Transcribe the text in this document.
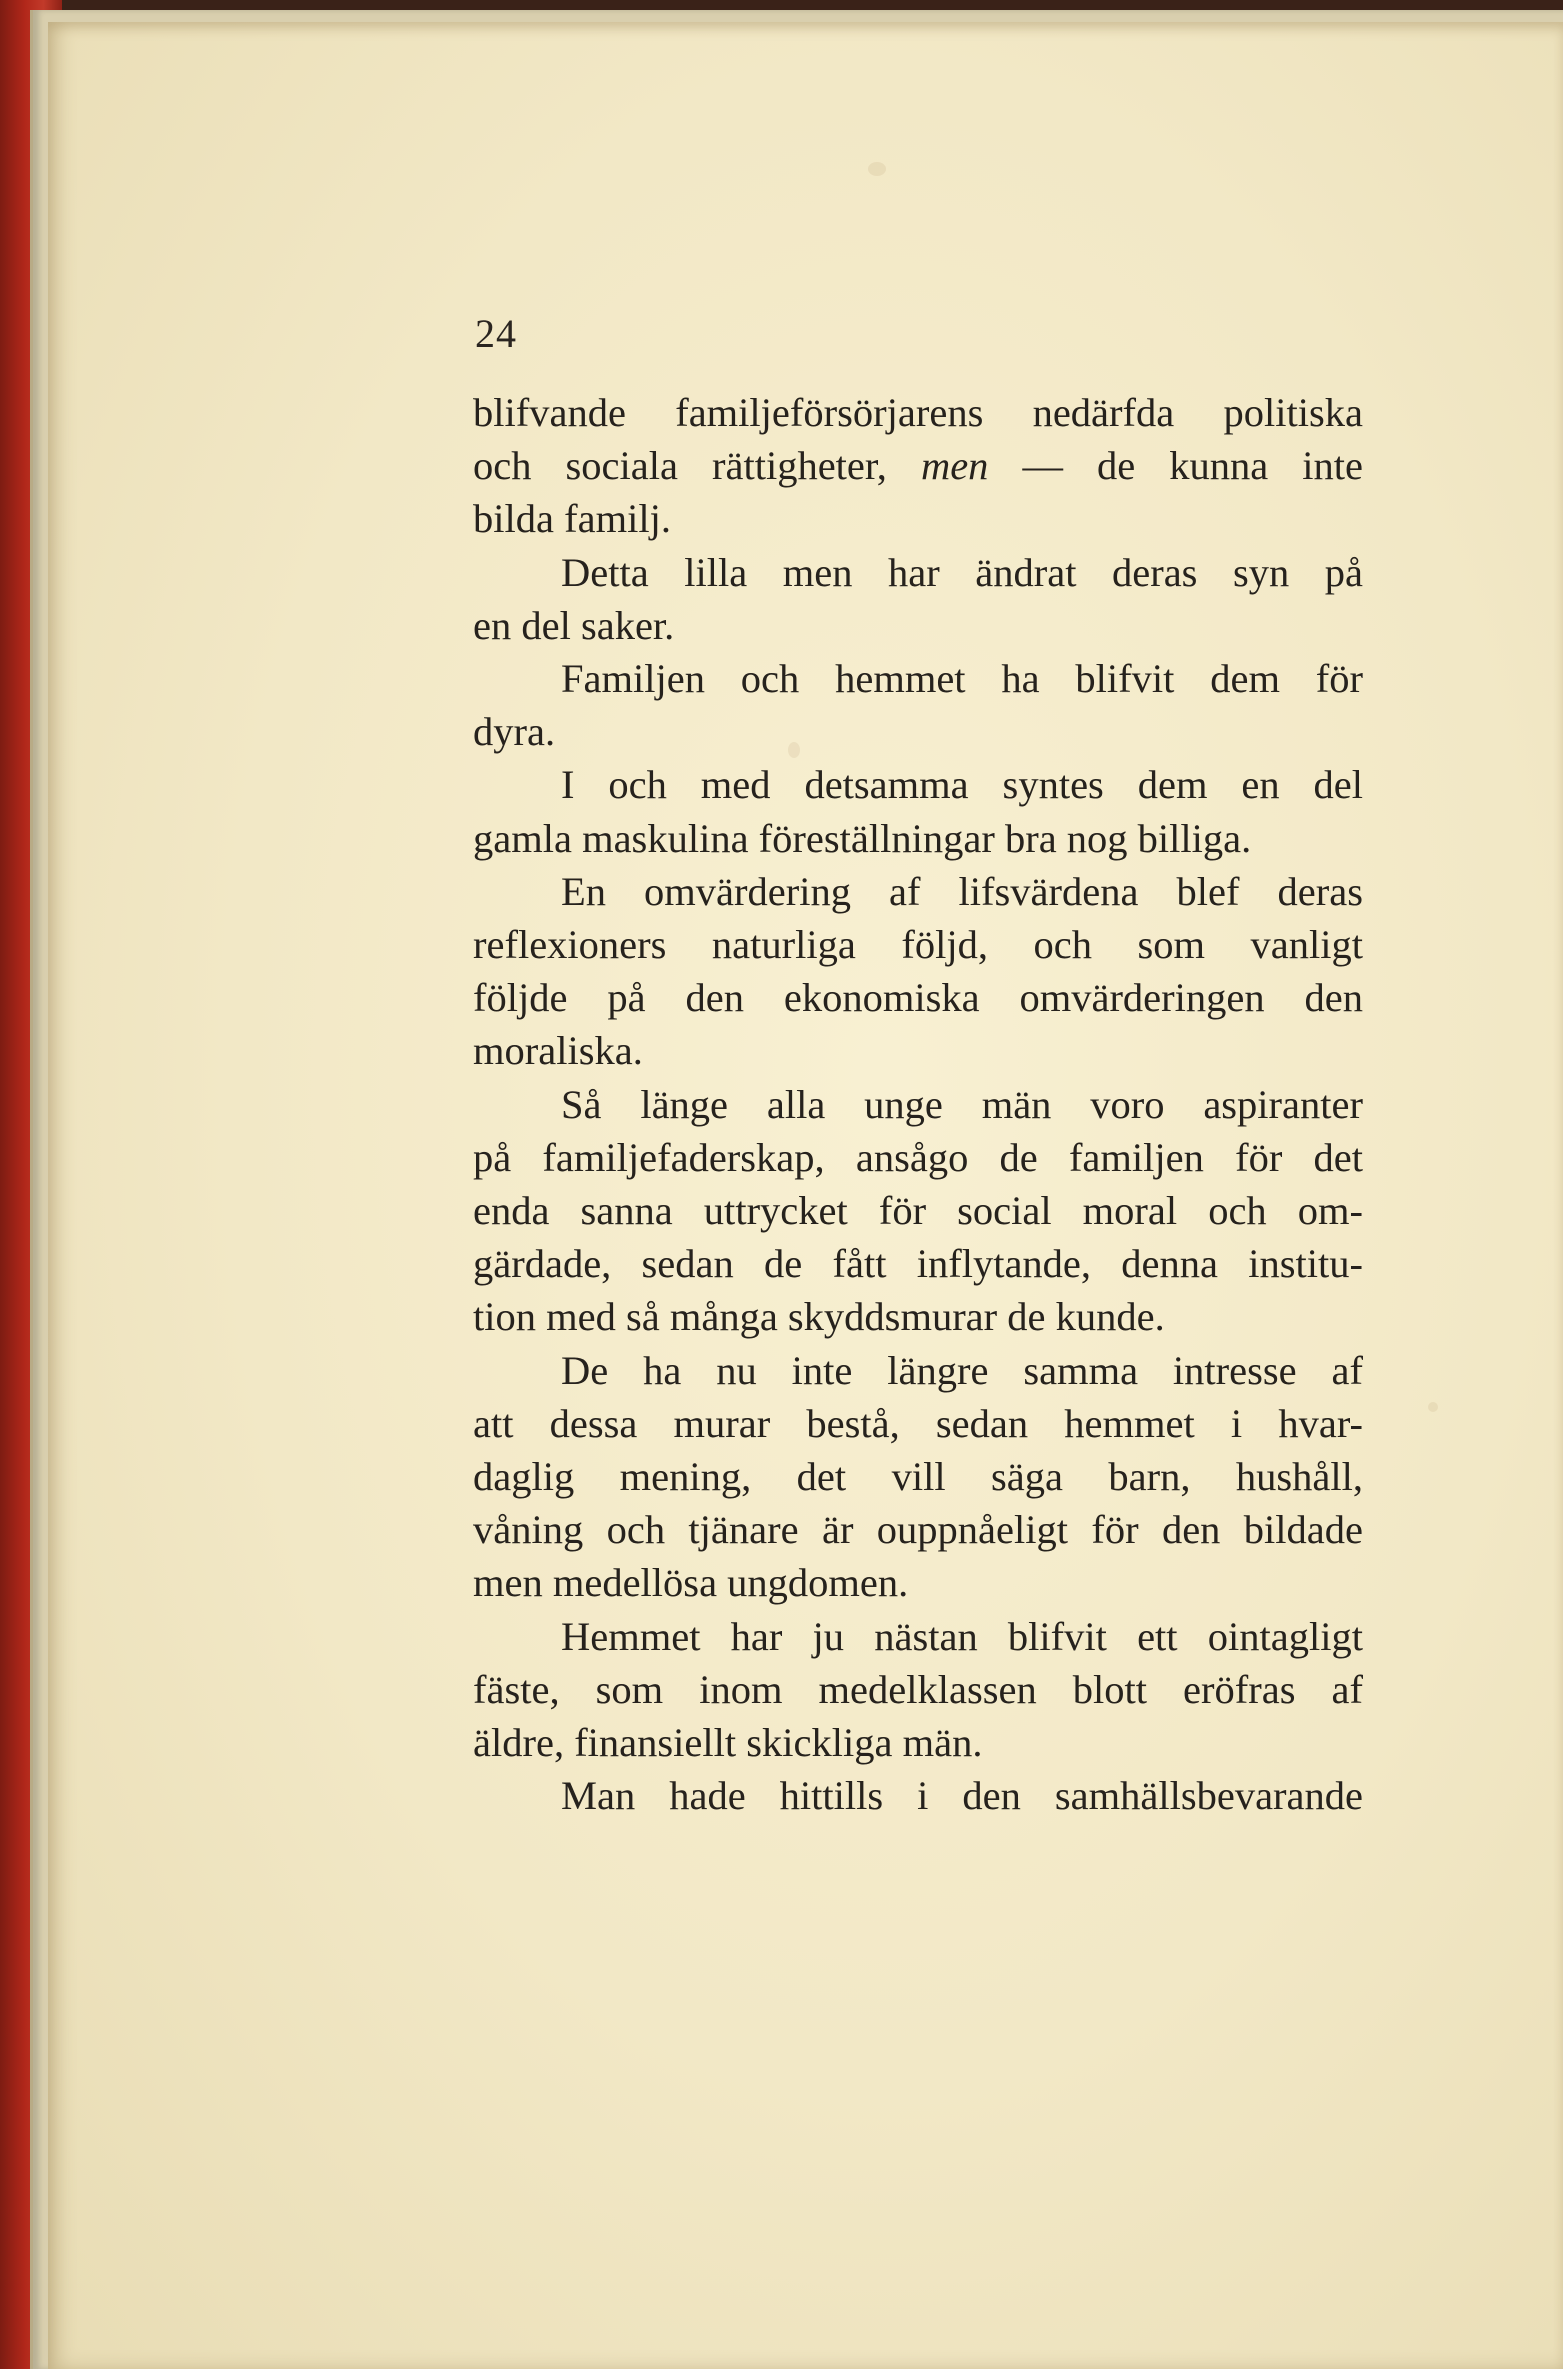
24
blifvande familjeförsörjarens nedärfda politiska
och sociala rättigheter, men — de kunna inte
bilda familj.
Detta lilla men har ändrat deras syn på
en del saker.
Familjen och hemmet ha blifvit dem för
dyra.
I och med detsamma syntes dem en del
gamla maskulina föreställningar bra nog billiga.
En omvärdering af lifsvärdena blef deras
reflexioners naturliga följd, och som vanligt
följde på den ekonomiska omvärderingen den
moraliska.
Så länge alla unge män voro aspiranter
på familjefaderskap, ansågo de familjen för det
enda sanna uttrycket för social moral och om-
gärdade, sedan de fått inflytande, denna institu-
tion med så många skyddsmurar de kunde.
De ha nu inte längre samma intresse af
att dessa murar bestå, sedan hemmet i hvar-
daglig mening, det vill säga barn, hushåll,
våning och tjänare är ouppnåeligt för den bildade
men medellösa ungdomen.
Hemmet har ju nästan blifvit ett ointagligt
fäste, som inom medelklassen blott eröfras af
äldre, finansiellt skickliga män.
Man hade hittills i den samhällsbevarande
